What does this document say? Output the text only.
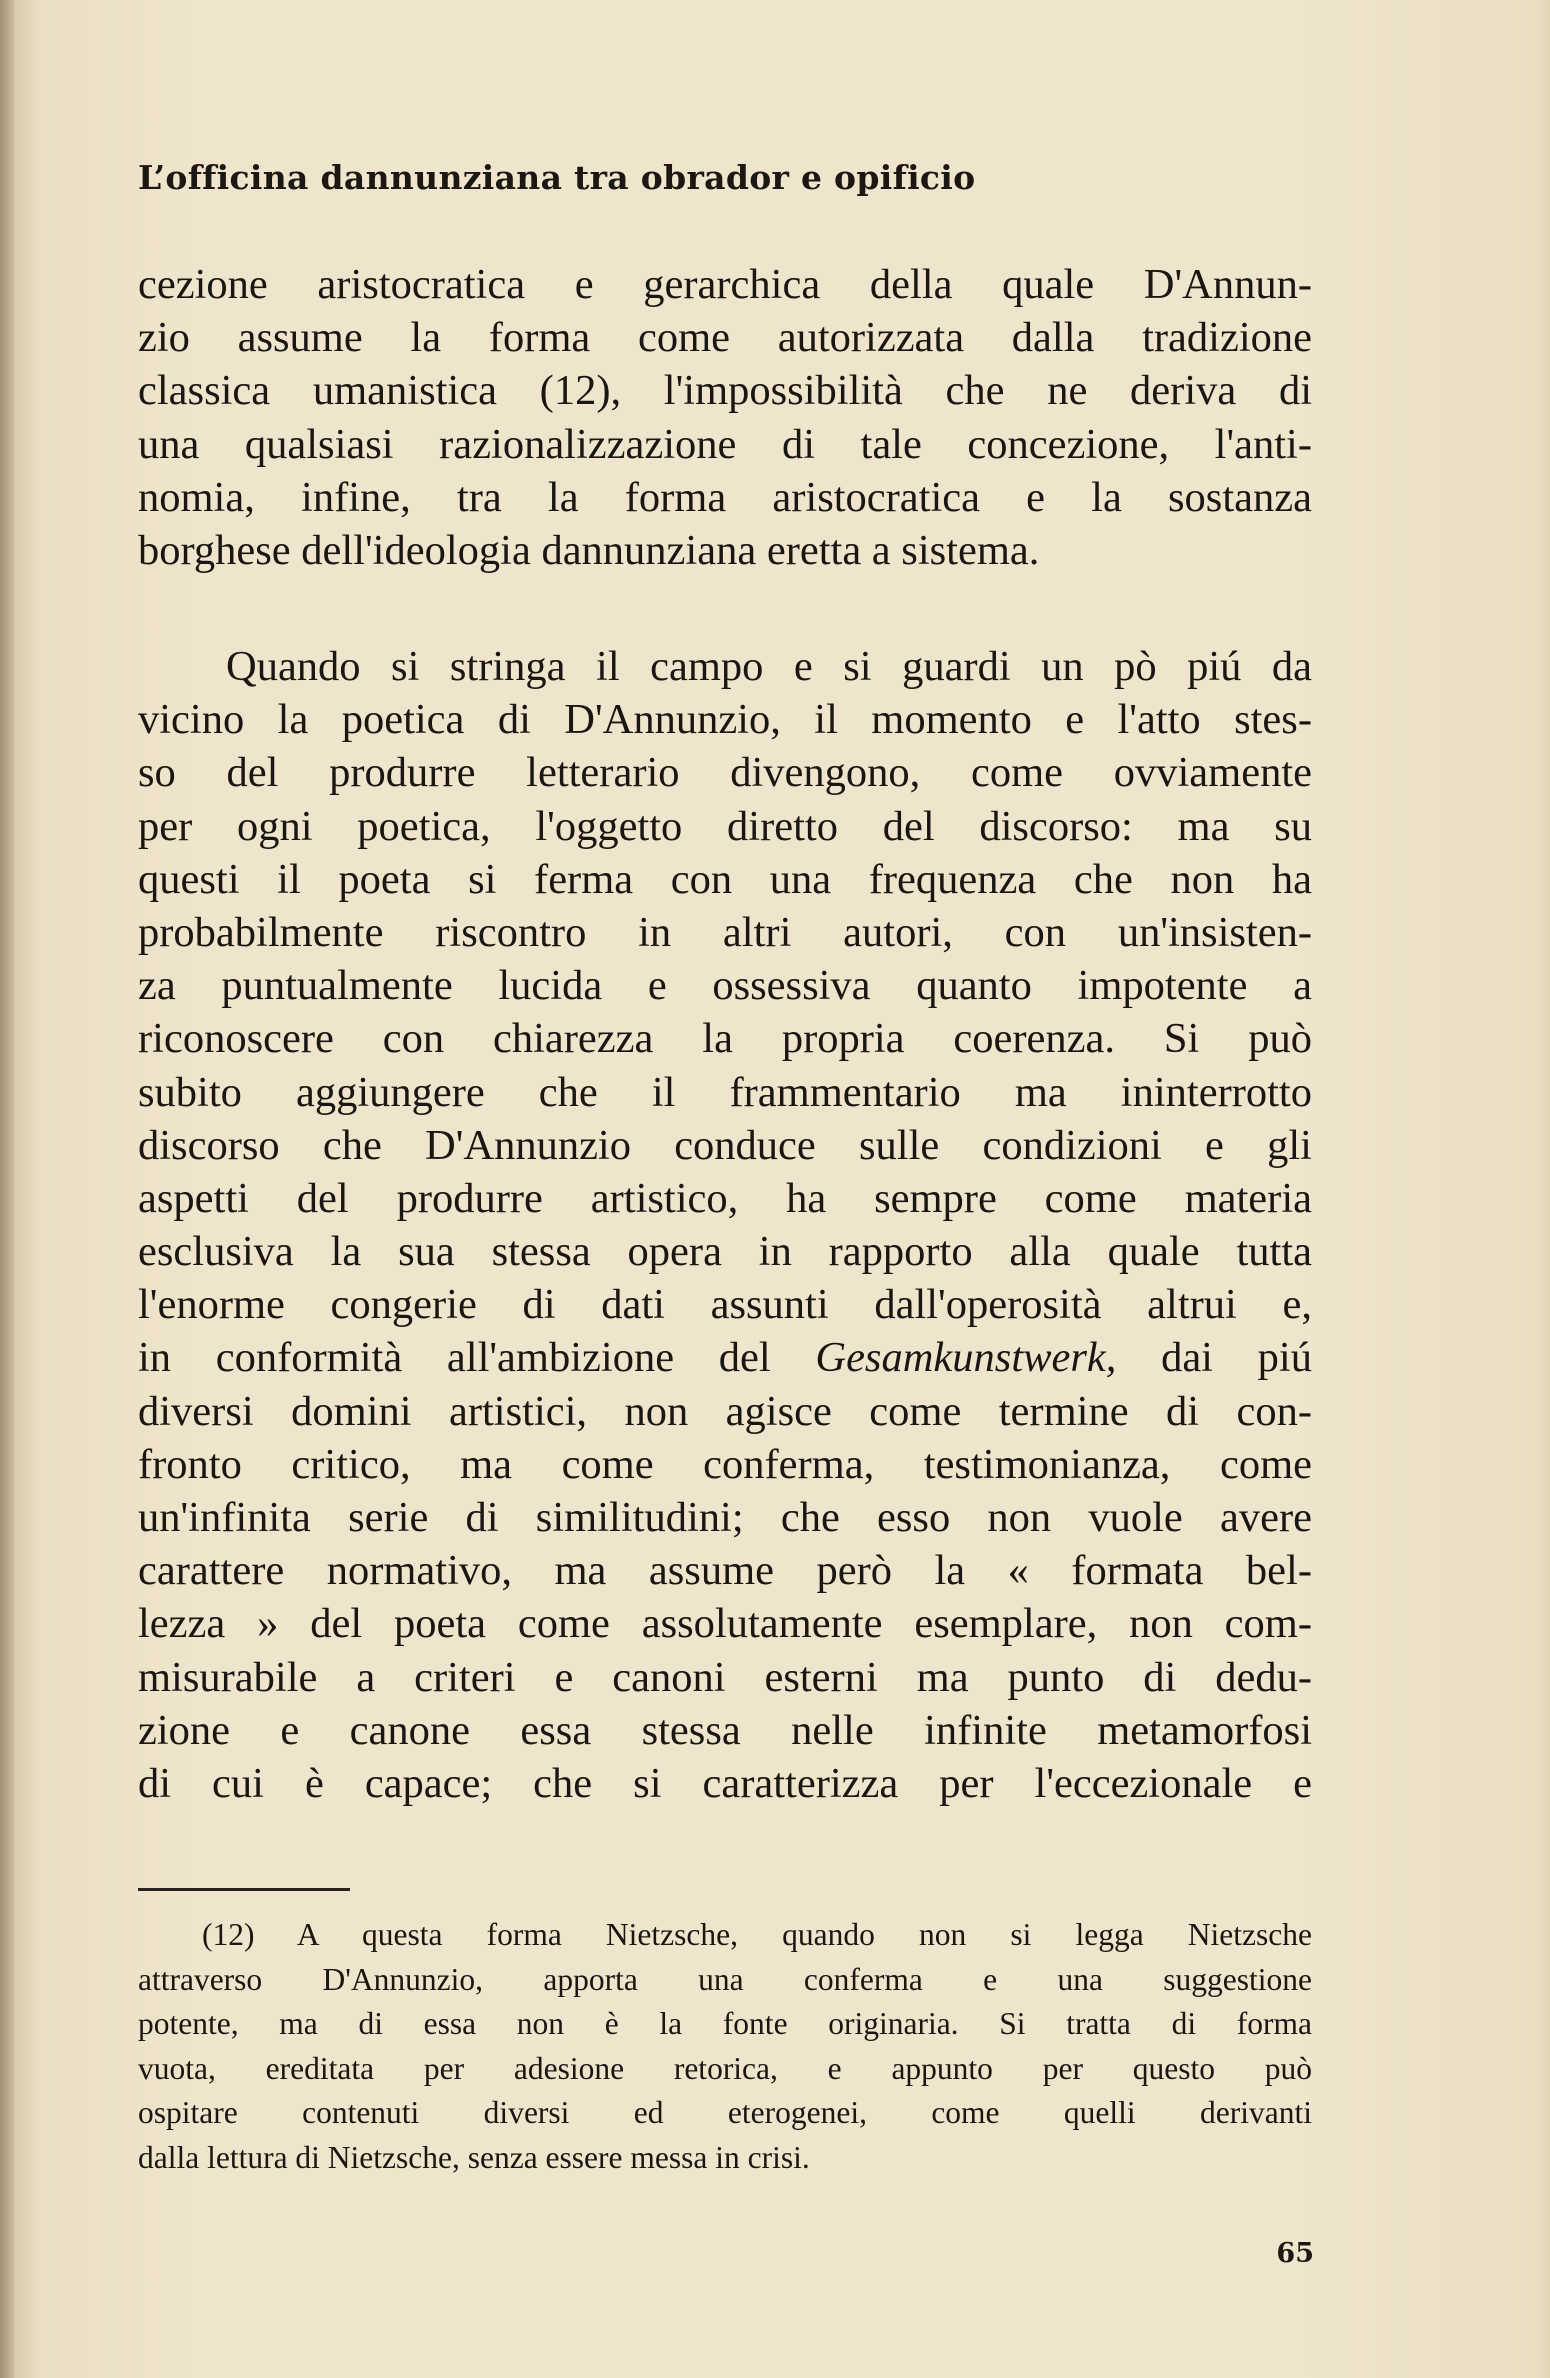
L’officina dannunziana tra obrador e opificio
cezione aristocratica e gerarchica della quale D'Annun-
zio assume la forma come autorizzata dalla tradizione
classica umanistica (12), l'impossibilità che ne deriva di
una qualsiasi razionalizzazione di tale concezione, l'anti-
nomia, infine, tra la forma aristocratica e la sostanza
borghese dell'ideologia dannunziana eretta a sistema.
Quando si stringa il campo e si guardi un pò piú da
vicino la poetica di D'Annunzio, il momento e l'atto stes-
so del produrre letterario divengono, come ovviamente
per ogni poetica, l'oggetto diretto del discorso: ma su
questi il poeta si ferma con una frequenza che non ha
probabilmente riscontro in altri autori, con un'insisten-
za puntualmente lucida e ossessiva quanto impotente a
riconoscere con chiarezza la propria coerenza. Si può
subito aggiungere che il frammentario ma ininterrotto
discorso che D'Annunzio conduce sulle condizioni e gli
aspetti del produrre artistico, ha sempre come materia
esclusiva la sua stessa opera in rapporto alla quale tutta
l'enorme congerie di dati assunti dall'operosità altrui e,
in conformità all'ambizione del Gesamkunstwerk, dai piú
diversi domini artistici, non agisce come termine di con-
fronto critico, ma come conferma, testimonianza, come
un'infinita serie di similitudini; che esso non vuole avere
carattere normativo, ma assume però la « formata bel-
lezza » del poeta come assolutamente esemplare, non com-
misurabile a criteri e canoni esterni ma punto di dedu-
zione e canone essa stessa nelle infinite metamorfosi
di cui è capace; che si caratterizza per l'eccezionale e
(12) A questa forma Nietzsche, quando non si legga Nietzsche
attraverso D'Annunzio, apporta una conferma e una suggestione
potente, ma di essa non è la fonte originaria. Si tratta di forma
vuota, ereditata per adesione retorica, e appunto per questo può
ospitare contenuti diversi ed eterogenei, come quelli derivanti
dalla lettura di Nietzsche, senza essere messa in crisi.
65
